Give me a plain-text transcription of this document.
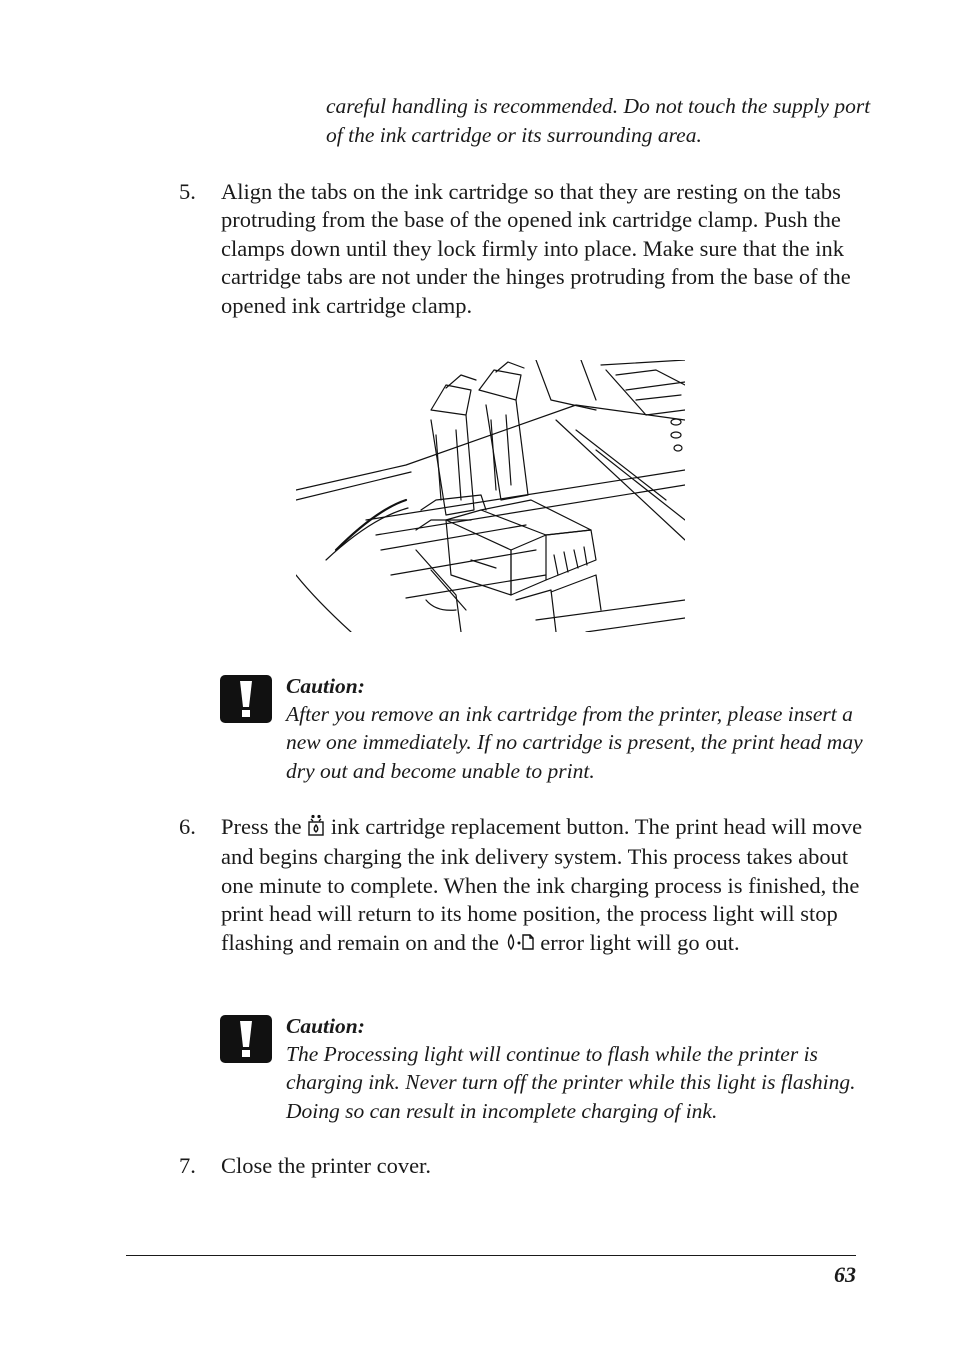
careful handling is recommended. Do not touch the supply port of the ink cartridge or its surrounding area.
5. Align the tabs on the ink cartridge so that they are resting on the tabs protruding from the base of the opened ink cartridge clamp. Push the clamps down until they lock firmly into place. Make sure that the ink cartridge tabs are not under the hinges protruding from the base of the opened ink cartridge clamp.
Caution:
After you remove an ink cartridge from the printer, please insert a new one immediately. If no cartridge is present, the print head may dry out and become unable to print.
6. Press the ink cartridge replacement button. The print head will move and begins charging the ink delivery system. This process takes about one minute to complete. When the ink charging process is finished, the print head will return to its home position, the process light will stop flashing and remain on and the error light will go out.
Caution:
The Processing light will continue to flash while the printer is charging ink. Never turn off the printer while this light is flashing. Doing so can result in incomplete charging of ink.
7. Close the printer cover.
63
